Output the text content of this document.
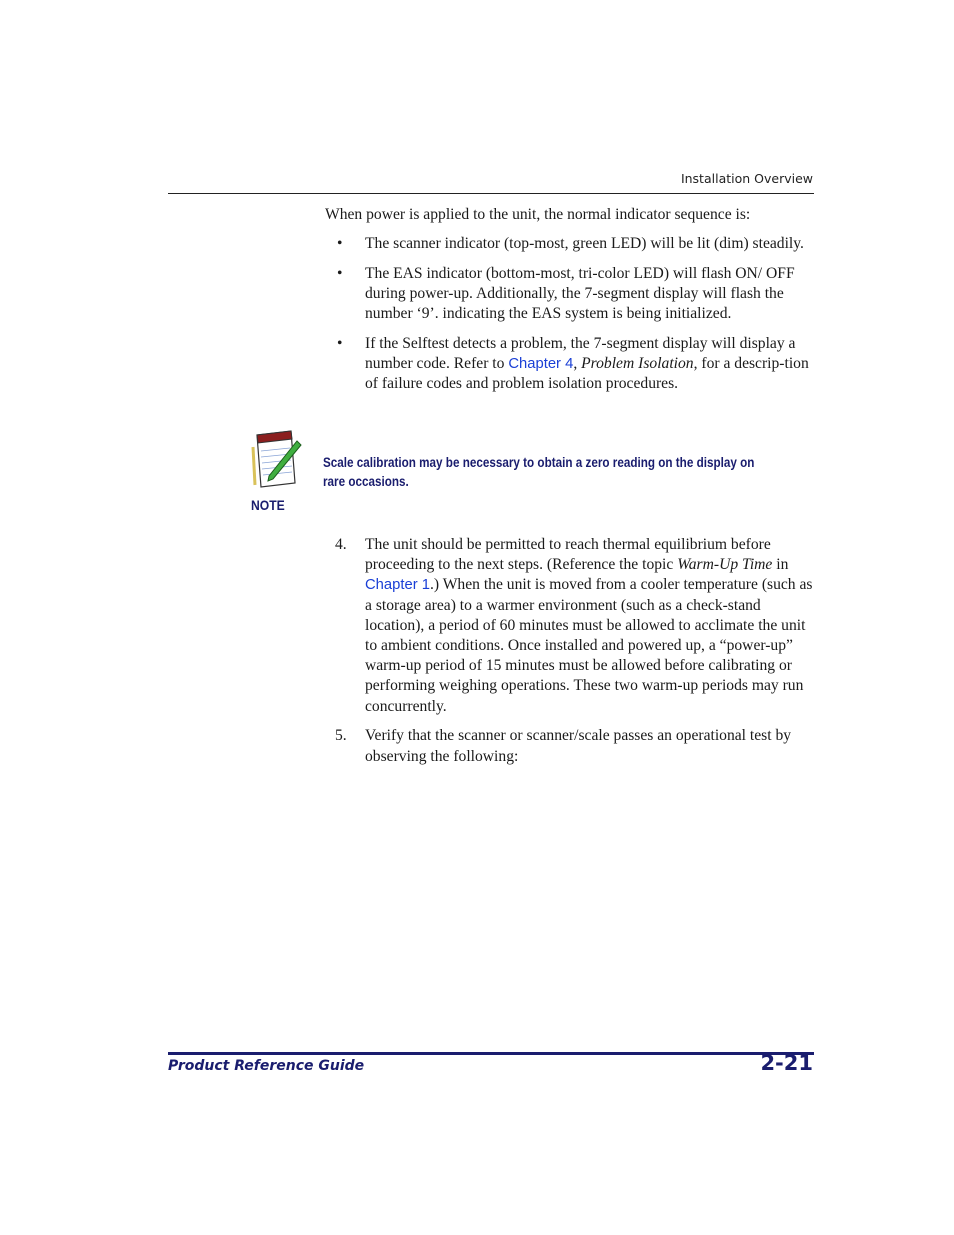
Installation Overview

When power is applied to the unit, the normal indicator sequence is:

• The scanner indicator (top-most, green LED) will be lit (dim) steadily.
• The EAS indicator (bottom-most, tri-color LED) will flash ON/ OFF during power-up. Additionally, the 7-segment display will flash the number ‘9’. indicating the EAS system is being initialized.
• If the Selftest detects a problem, the 7-segment display will display a number code. Refer to Chapter 4, Problem Isolation, for a descrip-tion of failure codes and problem isolation procedures.
NOTE
Scale calibration may be necessary to obtain a zero reading on the display on rare occasions.
4. The unit should be permitted to reach thermal equilibrium before proceeding to the next steps. (Reference the topic Warm-Up Time in Chapter 1.) When the unit is moved from a cooler temperature (such as a storage area) to a warmer environment (such as a check-stand location), a period of 60 minutes must be allowed to acclimate the unit to ambient conditions. Once installed and powered up, a “power-up” warm-up period of 15 minutes must be allowed before calibrating or performing weighing operations. These two warm-up periods may run concurrently.
5. Verify that the scanner or scanner/scale passes an operational test by observing the following:
Product Reference Guide	2-21
